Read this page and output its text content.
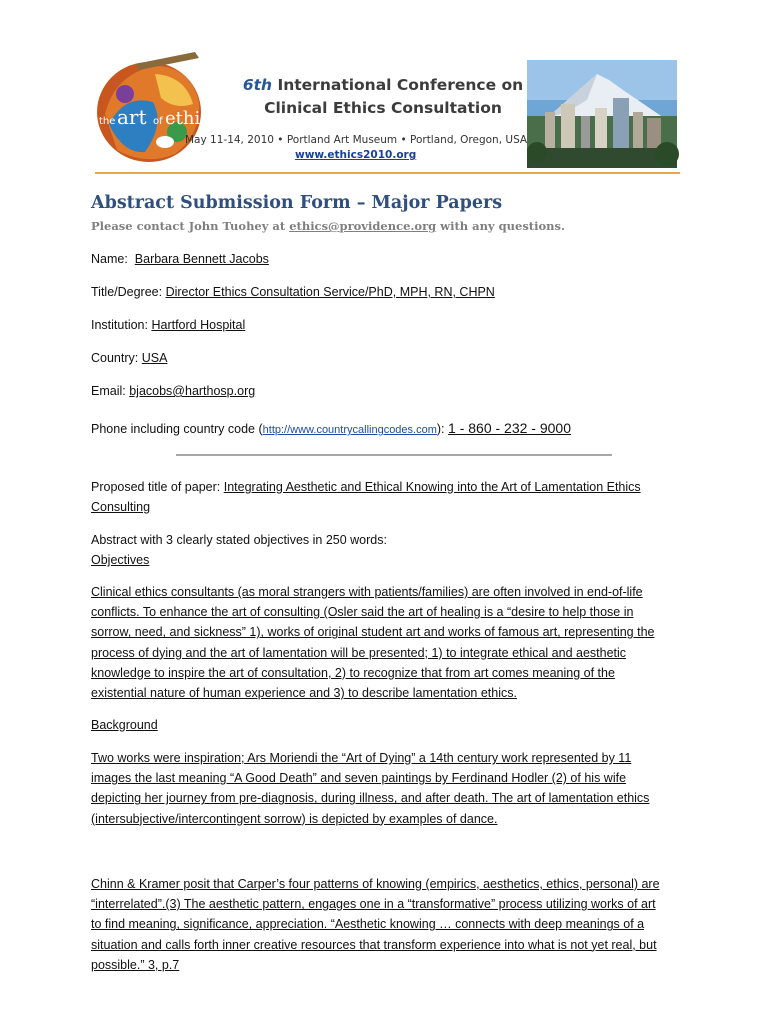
the art of ethics
6th International Conference on
Clinical Ethics Consultation
May 11-14, 2010 • Portland Art Museum • Portland, Oregon, USA
www.ethics2010.org
Abstract Submission Form – Major Papers
Please contact John Tuohey at ethics@providence.org with any questions.
Name: Barbara Bennett Jacobs
Title/Degree: Director Ethics Consultation Service/PhD, MPH, RN, CHPN
Institution: Hartford Hospital
Country: USA
Email: bjacobs@harthosp.org
Phone including country code (http://www.countrycallingcodes.com): 1 - 860 - 232 - 9000
Proposed title of paper: Integrating Aesthetic and Ethical Knowing into the Art of Lamentation Ethics
Consulting
Abstract with 3 clearly stated objectives in 250 words:
Objectives
Clinical ethics consultants (as moral strangers with patients/families) are often involved in end-of-life
conflicts. To enhance the art of consulting (Osler said the art of healing is a “desire to help those in
sorrow, need, and sickness” 1), works of original student art and works of famous art, representing the
process of dying and the art of lamentation will be presented; 1) to integrate ethical and aesthetic
knowledge to inspire the art of consultation, 2) to recognize that from art comes meaning of the
existential nature of human experience and 3) to describe lamentation ethics.
Background
Two works were inspiration; Ars Moriendi the “Art of Dying” a 14th century work represented by 11
images the last meaning “A Good Death” and seven paintings by Ferdinand Hodler (2) of his wife
depicting her journey from pre-diagnosis, during illness, and after death. The art of lamentation ethics
(intersubjective/intercontingent sorrow) is depicted by examples of dance.
Chinn & Kramer posit that Carper’s four patterns of knowing (empirics, aesthetics, ethics, personal) are
“interrelated”.(3) The aesthetic pattern, engages one in a “transformative” process utilizing works of art
to find meaning, significance, appreciation. “Aesthetic knowing … connects with deep meanings of a
situation and calls forth inner creative resources that transform experience into what is not yet real, but
possible.” 3, p.7
